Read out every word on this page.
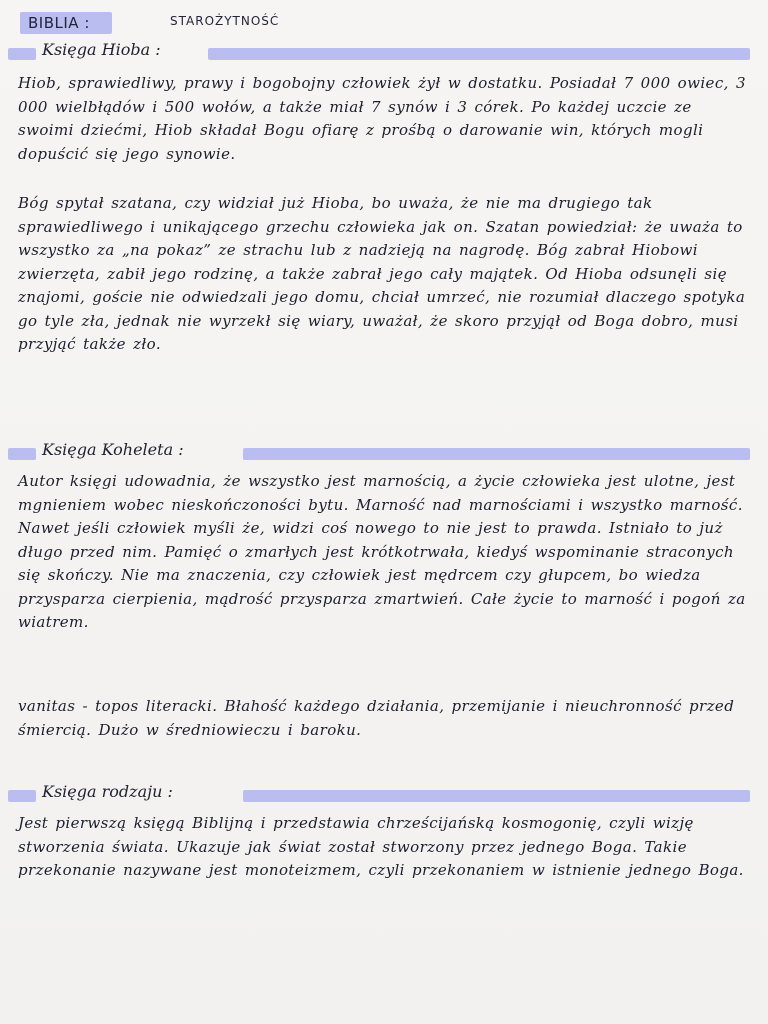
BIBLIA :	STAROŻYTNOŚĆ
Księga Hioba :
Hiob, sprawiedliwy, prawy i bogobojny człowiek żył w dostatku. Posiadał 7 000 owiec, 3 000 wielbłądów i 500 wołów, a także miał 7 synów i 3 córek. Po każdej uczcie ze swoimi dziećmi, Hiob składał Bogu ofiarę z prośbą o darowanie win, których mogli dopuścić się jego synowie.
Bóg spytał szatana, czy widział już Hioba, bo uważa, że nie ma drugiego tak sprawiedliwego i unikającego grzechu człowieka jak on. Szatan powiedział: że uważa to wszystko za „na pokaz” ze strachu lub z nadzieją na nagrodę. Bóg zabrał Hiobowi zwierzęta, zabił jego rodzinę, a także zabrał jego cały majątek. Od Hioba odsunęli się znajomi, goście nie odwiedzali jego domu, chciał umrzeć, nie rozumiał dlaczego spotyka go tyle zła, jednak nie wyrzekł się wiary, uważał, że skoro przyjął od Boga dobro, musi przyjąć także zło.
Księga Koheleta :
Autor księgi udowadnia, że wszystko jest marnością, a życie człowieka jest ulotne, jest mgnieniem wobec nieskończoności bytu. Marność nad marnościami i wszystko marność. Nawet jeśli człowiek myśli że, widzi coś nowego to nie jest to prawda. Istniało to już długo przed nim. Pamięć o zmarłych jest krótkotrwała, kiedyś wspominanie straconych się skończy. Nie ma znaczenia, czy człowiek jest mędrcem czy głupcem, bo wiedza przysparza cierpienia, mądrość przysparza zmartwień. Całe życie to marność i pogoń za wiatrem.
vanitas - topos literacki. Błahość każdego działania, przemijanie i nieuchronność przed śmiercią. Dużo w średniowieczu i baroku.
Księga rodzaju :
Jest pierwszą księgą Biblijną i przedstawia chrześcijańską kosmogonię, czyli wizję stworzenia świata. Ukazuje jak świat został stworzony przez jednego Boga. Takie przekonanie nazywane jest monoteizmem, czyli przekonaniem w istnienie jednego Boga.
